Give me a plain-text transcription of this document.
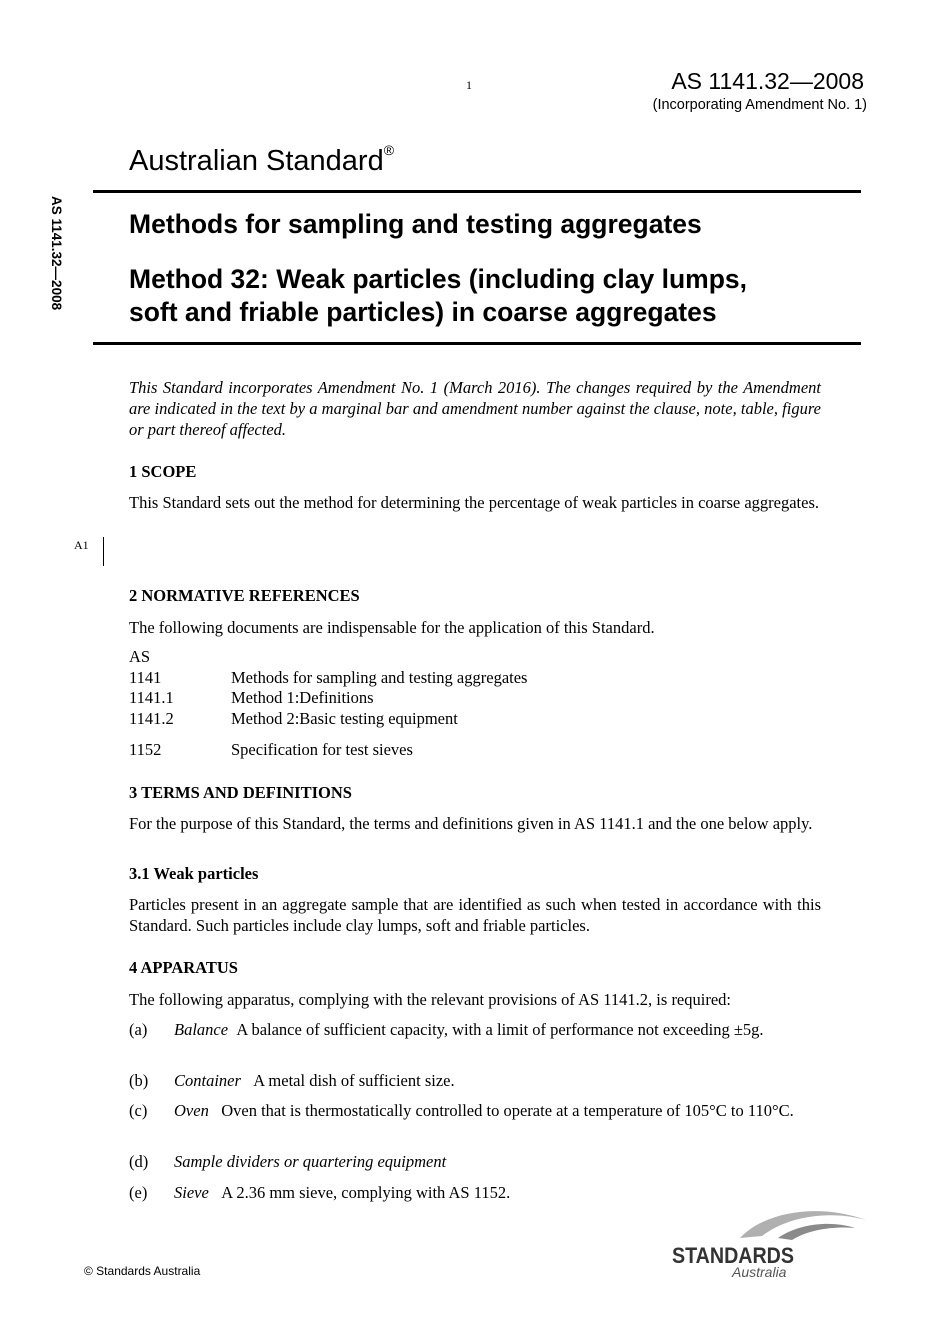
1	AS 1141.32—2008
(Incorporating Amendment No. 1)
AS 1141.32—2008
Australian Standard®
Methods for sampling and testing aggregates
Method 32: Weak particles (including clay lumps,
soft and friable particles) in coarse aggregates
This Standard incorporates Amendment No. 1 (March 2016). The changes required by the Amendment are indicated in the text by a marginal bar and amendment number against the clause, note, table, figure or part thereof affected.
1 SCOPE
This Standard sets out the method for determining the percentage of weak particles in coarse aggregates.
A1
2 NORMATIVE REFERENCES
The following documents are indispensable for the application of this Standard.
AS
1141	Methods for sampling and testing aggregates
1141.1	Method 1:Definitions
1141.2	Method 2:Basic testing equipment
1152	Specification for test sieves
3 TERMS AND DEFINITIONS
For the purpose of this Standard, the terms and definitions given in AS 1141.1 and the one below apply.
3.1 Weak particles
Particles present in an aggregate sample that are identified as such when tested in accordance with this Standard. Such particles include clay lumps, soft and friable particles.
4 APPARATUS
The following apparatus, complying with the relevant provisions of AS 1141.2, is required:
(a) Balance A balance of sufficient capacity, with a limit of performance not exceeding ±5g.
(b) Container A metal dish of sufficient size.
(c) Oven Oven that is thermostatically controlled to operate at a temperature of 105°C to 110°C.
(d) Sample dividers or quartering equipment
(e) Sieve A 2.36 mm sieve, complying with AS 1152.
© Standards Australia
STANDARDS
Australia
